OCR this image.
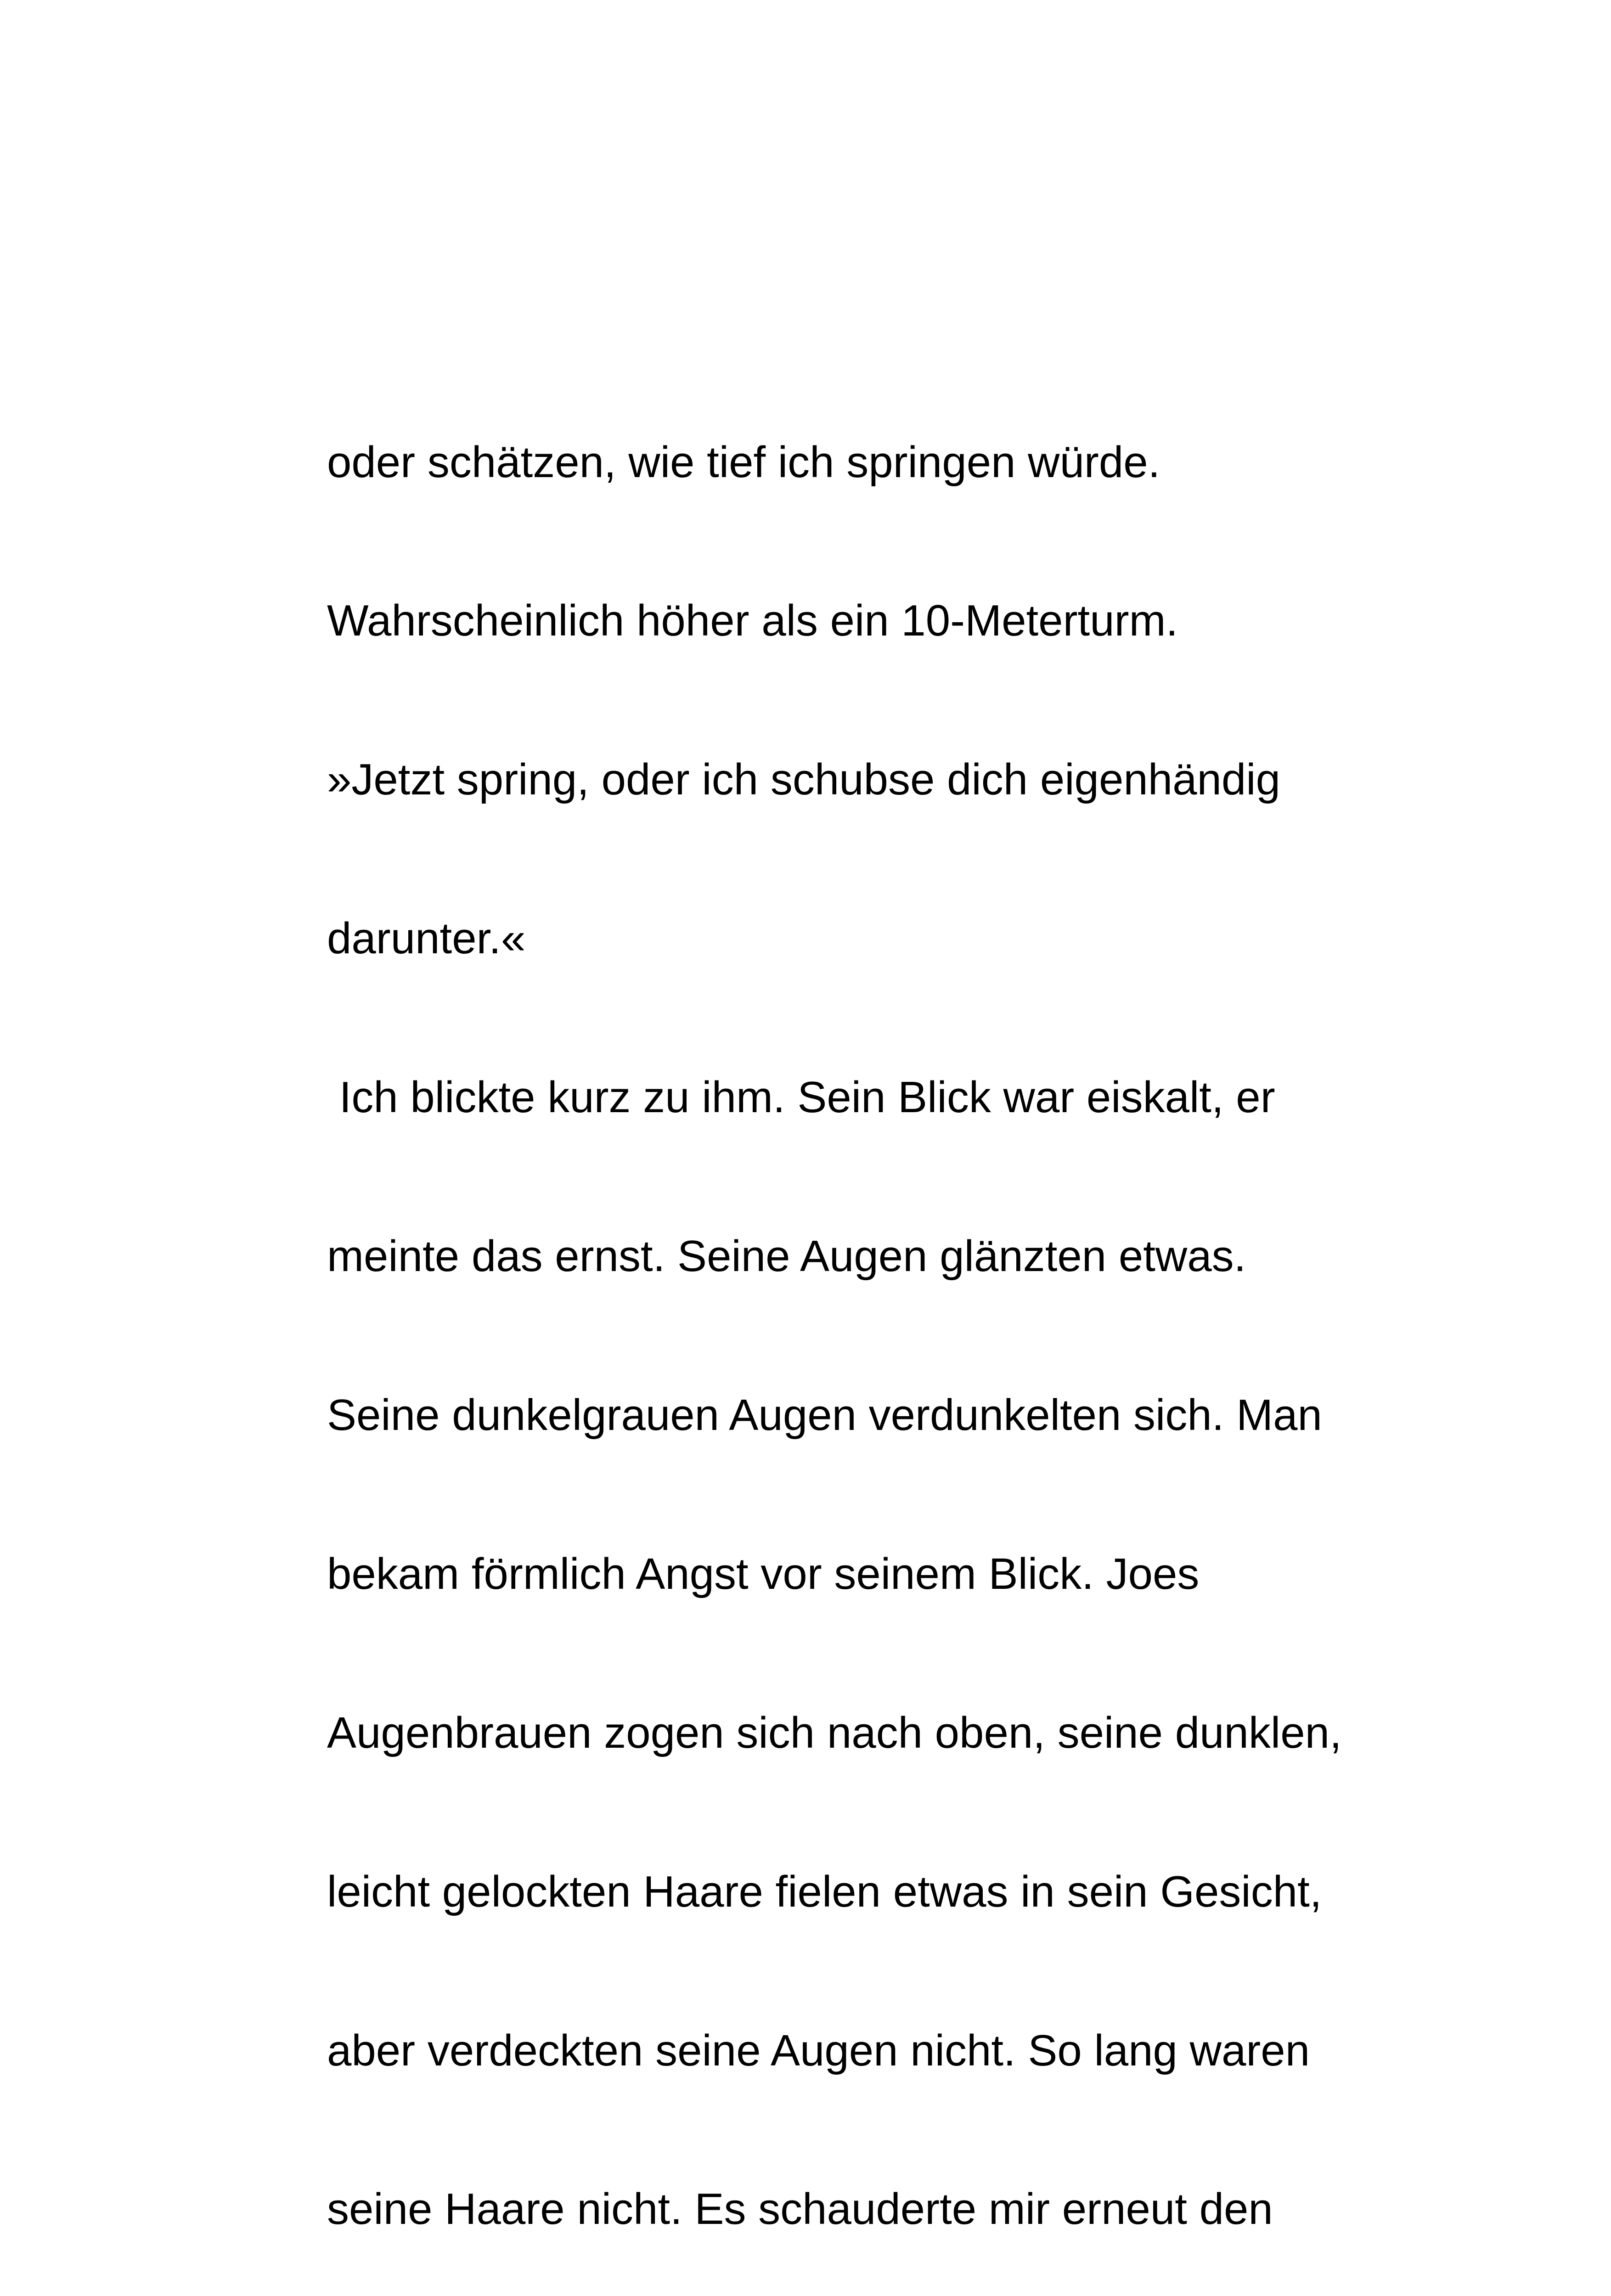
oder schätzen, wie tief ich springen würde.

Wahrscheinlich höher als ein 10-Meterturm.

»Jetzt spring, oder ich schubse dich eigenhändig

darunter.«

Ich blickte kurz zu ihm. Sein Blick war eiskalt, er

meinte das ernst. Seine Augen glänzten etwas.

Seine dunkelgrauen Augen verdunkelten sich. Man

bekam förmlich Angst vor seinem Blick. Joes

Augenbrauen zogen sich nach oben, seine dunklen,

leicht gelockten Haare fielen etwas in sein Gesicht,

aber verdeckten seine Augen nicht. So lang waren

seine Haare nicht. Es schauderte mir erneut den
